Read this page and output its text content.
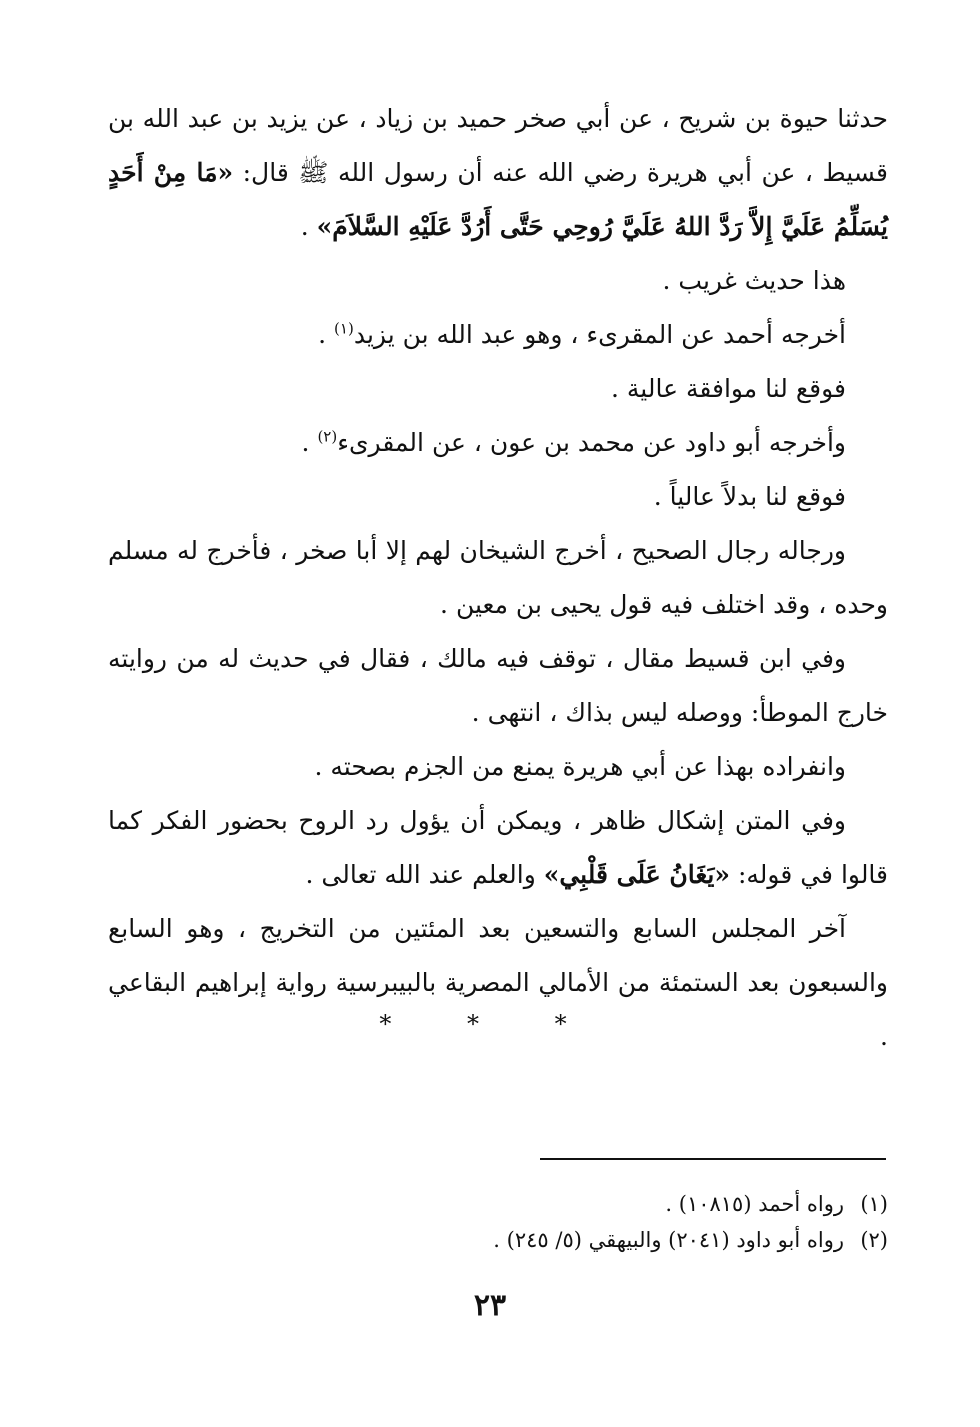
حدثنا حيوة بن شريح ، عن أبي صخر حميد بن زياد ، عن يزيد بن عبد الله بن قسيط ، عن أبي هريرة رضي الله عنه أن رسول الله ﷺ قال: «مَا مِنْ أَحَدٍ يُسَلِّمُ عَلَيَّ إِلاَّ رَدَّ اللهُ عَلَيَّ رُوحِي حَتَّى أَرُدَّ عَلَيْهِ السَّلاَمَ» .

هذا حديث غريب .

أخرجه أحمد عن المقرىء ، وهو عبد الله بن يزيد$^{(١)}$ .

فوقع لنا موافقة عالية .

وأخرجه أبو داود عن محمد بن عون ، عن المقرىء$^{(٢)}$ .

فوقع لنا بدلاً عالياً .

ورجاله رجال الصحيح ، أخرج الشيخان لهم إلا أبا صخر ، فأخرج له مسلم وحده ، وقد اختلف فيه قول يحيى بن معين .

وفي ابن قسيط مقال ، توقف فيه مالك ، فقال في حديث له من روايته خارج الموطأ: ووصله ليس بذاك ، انتهى .

وانفراده بهذا عن أبي هريرة يمنع من الجزم بصحته .

وفي المتن إشكال ظاهر ، ويمكن أن يؤول رد الروح بحضور الفكر كما قالوا في قوله: «يَغَانُ عَلَى قَلْبِي» والعلم عند الله تعالى .

آخر المجلس السابع والتسعين بعد المئتين من التخريج ، وهو السابع والسبعون بعد الستمئة من الأمالي المصرية بالبيبرسية رواية إبراهيم البقاعي .

* * *

(١)رواه أحمد (١٠٨١٥) .

(٢)رواه أبو داود (٢٠٤١) والبيهقي (٥/ ٢٤٥) .

٢٣
